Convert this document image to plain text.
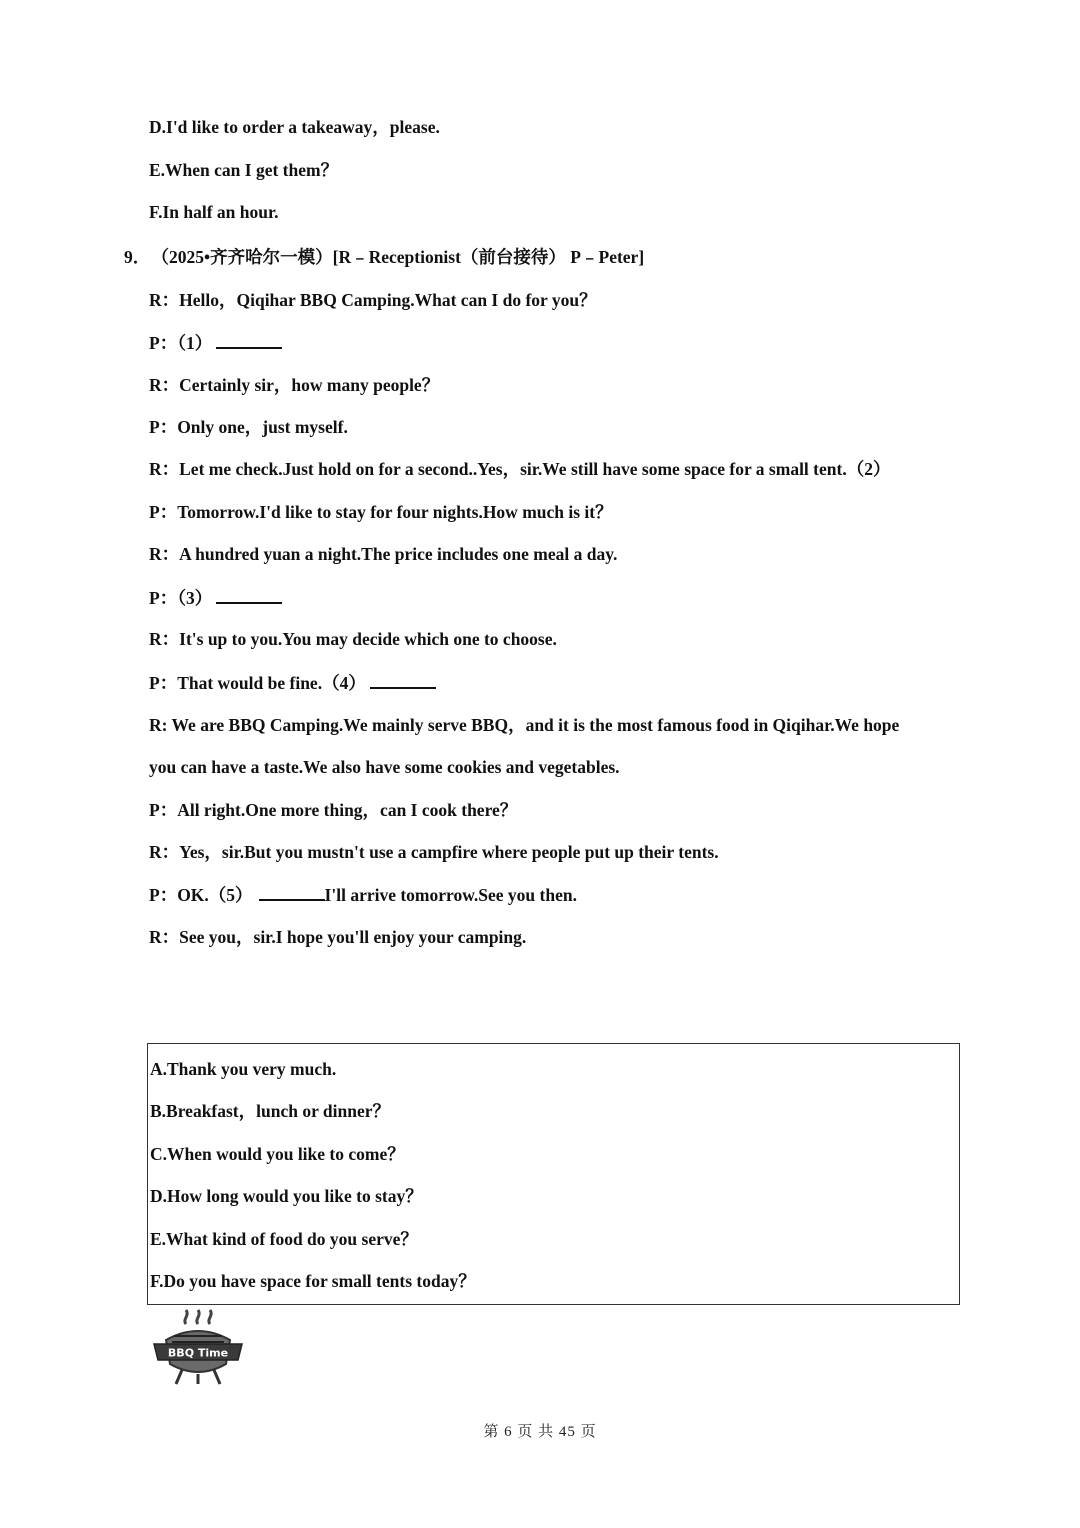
D.I'd like to order a takeaway，please.
E.When can I get them？
F.In half an hour.
9． （2025•齐齐哈尔一模）[R﹣Receptionist（前台接待） P﹣Peter]
R：Hello，Qiqihar BBQ Camping.What can I do for you？
P：（1）
R：Certainly sir，how many people？
P：Only one，just myself.
R：Let me check.Just hold on for a second..Yes，sir.We still have some space for a small tent.（2）
P：Tomorrow.I'd like to stay for four nights.How much is it？
R：A hundred yuan a night.The price includes one meal a day.
P：（3）
R：It's up to you.You may decide which one to choose.
P：That would be fine.（4）
R: We are BBQ Camping.We mainly serve BBQ，and it is the most famous food in Qiqihar.We hope
you can have a taste.We also have some cookies and vegetables.
P：All right.One more thing，can I cook there？
R：Yes，sir.But you mustn't use a campfire where people put up their tents.
P：OK.（5）	I'll arrive tomorrow.See you then.
R：See you，sir.I hope you'll enjoy your camping.
A.Thank you very much.
B.Breakfast，lunch or dinner？
C.When would you like to come？
D.How long would you like to stay？
E.What kind of food do you serve？
F.Do you have space for small tents today？
BBQ Time
第 6 页 共 45 页
